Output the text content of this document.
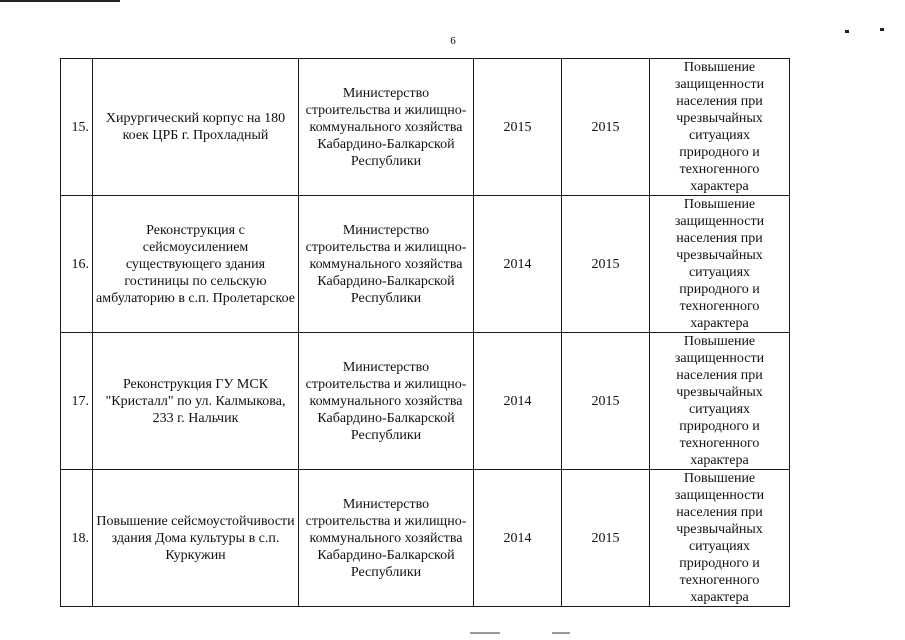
6
15.	Хирургический корпус на 180 коек ЦРБ г. Прохладный	Министерство строительства и жилищно-коммунального хозяйства Кабардино-Балкарской Республики	2015	2015	Повышение защищенности населения при чрезвычайных ситуациях природного и техногенного характера
16.	Реконструкция с сейсмоусилением существующего здания гостиницы по сельскую амбулаторию в с.п. Пролетарское	Министерство строительства и жилищно-коммунального хозяйства Кабардино-Балкарской Республики	2014	2015	Повышение защищенности населения при чрезвычайных ситуациях природного и техногенного характера
17.	Реконструкция ГУ МСК "Кристалл" по ул. Калмыкова, 233 г. Нальчик	Министерство строительства и жилищно-коммунального хозяйства Кабардино-Балкарской Республики	2014	2015	Повышение защищенности населения при чрезвычайных ситуациях природного и техногенного характера
18.	Повышение сейсмоустойчивости здания Дома культуры в с.п. Куркужин	Министерство строительства и жилищно-коммунального хозяйства Кабардино-Балкарской Республики	2014	2015	Повышение защищенности населения при чрезвычайных ситуациях природного и техногенного характера
